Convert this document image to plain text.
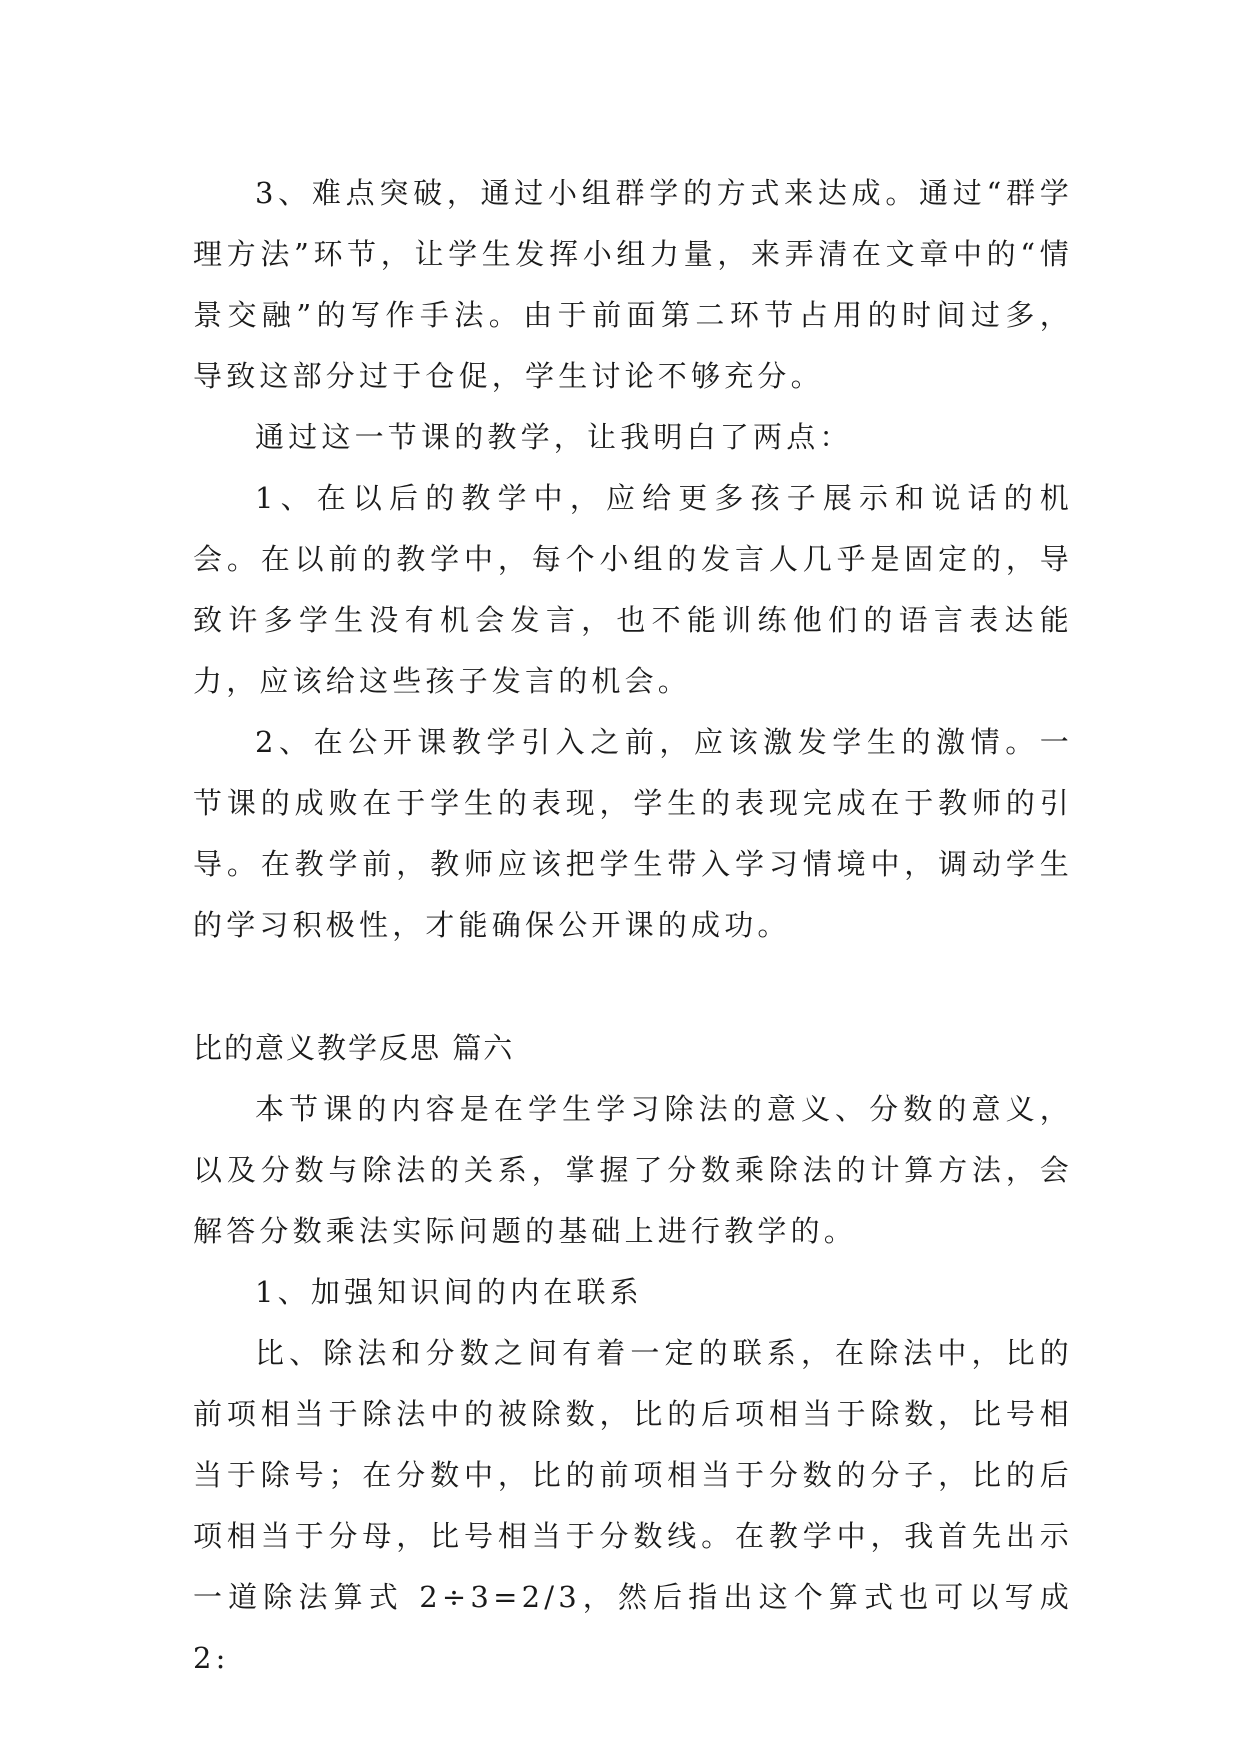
3、难点突破，通过小组群学的方式来达成。通过“群学理方法”环节，让学生发挥小组力量，来弄清在文章中的“情景交融”的写作手法。由于前面第二环节占用的时间过多，导致这部分过于仓促，学生讨论不够充分。

通过这一节课的教学，让我明白了两点：

1、在以后的教学中，应给更多孩子展示和说话的机会。在以前的教学中，每个小组的发言人几乎是固定的，导致许多学生没有机会发言，也不能训练他们的语言表达能力，应该给这些孩子发言的机会。

2、在公开课教学引入之前，应该激发学生的激情。一节课的成败在于学生的表现，学生的表现完成在于教师的引导。在教学前，教师应该把学生带入学习情境中，调动学生的学习积极性，才能确保公开课的成功。

比的意义教学反思 篇六

本节课的内容是在学生学习除法的意义、分数的意义，以及分数与除法的关系，掌握了分数乘除法的计算方法，会解答分数乘法实际问题的基础上进行教学的。

1、加强知识间的内在联系

比、除法和分数之间有着一定的联系，在除法中，比的前项相当于除法中的被除数，比的后项相当于除数，比号相当于除号；在分数中，比的前项相当于分数的分子，比的后项相当于分母，比号相当于分数线。在教学中，我首先出示一道除法算式 2÷3=2/3，然后指出这个算式也可以写成 2:
